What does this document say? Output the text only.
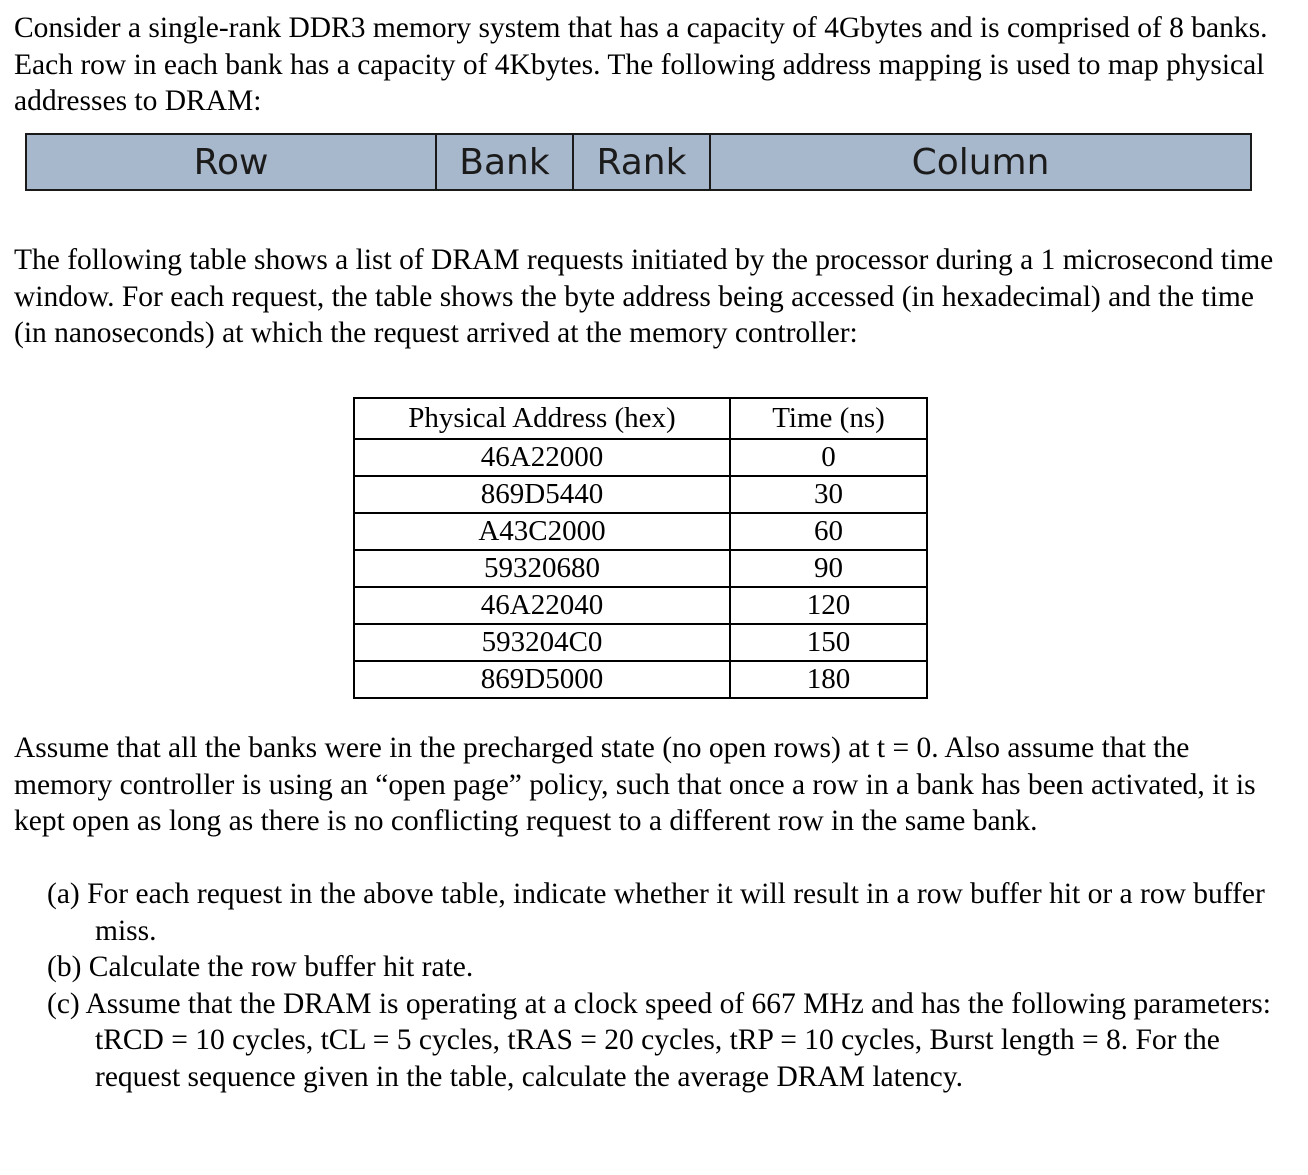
Consider a single-rank DDR3 memory system that has a capacity of 4Gbytes and is comprised of 8 banks. Each row in each bank has a capacity of 4Kbytes. The following address mapping is used to map physical addresses to DRAM:

Row	Bank	Rank	Column

The following table shows a list of DRAM requests initiated by the processor during a 1 microsecond time window. For each request, the table shows the byte address being accessed (in hexadecimal) and the time (in nanoseconds) at which the request arrived at the memory controller:

Physical Address (hex)	Time (ns)
46A22000	0
869D5440	30
A43C2000	60
59320680	90
46A22040	120
593204C0	150
869D5000	180

Assume that all the banks were in the precharged state (no open rows) at t = 0. Also assume that the memory controller is using an “open page” policy, such that once a row in a bank has been activated, it is kept open as long as there is no conflicting request to a different row in the same bank.

(a) For each request in the above table, indicate whether it will result in a row buffer hit or a row buffer miss.
(b) Calculate the row buffer hit rate.
(c) Assume that the DRAM is operating at a clock speed of 667 MHz and has the following parameters: tRCD = 10 cycles, tCL = 5 cycles, tRAS = 20 cycles, tRP = 10 cycles, Burst length = 8. For the request sequence given in the table, calculate the average DRAM latency.
